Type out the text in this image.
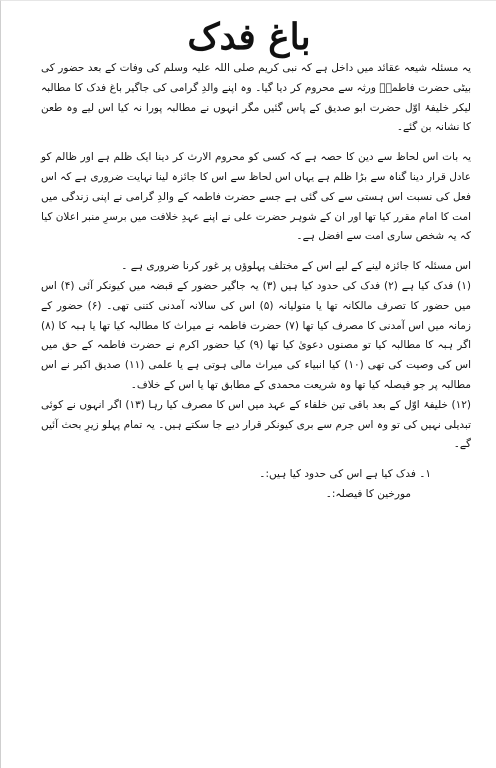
باغ فدک

یہ مسئلہ شیعہ عقائد میں داخل ہے کہ نبی کریم صلی اللہ علیہ وسلم کی وفات کے بعد حضور کی بیٹی حضرت فاطمہؓ ورثہ سے محروم کر دیا گیا۔ وہ اپنے والدِ گرامی کی جاگیر باغ فدک کا مطالبہ لیکر خلیفۂ اوّل حضرت ابو صدیق کے پاس گئیں مگر انہوں نے مطالبہ پورا نہ کیا اس لیے وہ طعن کا نشانہ بن گئے۔

یہ بات اس لحاظ سے دین کا حصہ ہے کہ کسی کو محروم الارث کر دینا ایک ظلم ہے اور ظالم کو عادل قرار دینا گناہ سے بڑا ظلم ہے یہاں اس لحاظ سے اس کا جائزہ لینا نہایت ضروری ہے کہ اس فعل کی نسبت اس ہستی سے کی گئی ہے جسے حضرت فاطمہ کے والدِ گرامی نے اپنی زندگی میں امت کا امام مقرر کیا تھا اور ان کے شوہر حضرت علی نے اپنے عہدِ خلافت میں برسرِ منبر اعلان کیا کہ یہ شخص ساری امت سے افضل ہے۔

اس مسئلہ کا جائزہ لینے کے لیے اس کے مختلف پہلوؤں پر غور کرنا ضروری ہے ۔

(۱) فدک کیا ہے (۲) فدک کی حدود کیا ہیں (۳) یہ جاگیر حضور کے قبضہ میں کیونکر آئی (۴) اس میں حضور کا تصرف مالکانہ تھا یا متولیانہ (۵) اس کی سالانہ آمدنی کتنی تھی۔ (۶) حضور کے زمانہ میں اس آمدنی کا مصرف کیا تھا (۷) حضرت فاطمہ نے میراث کا مطالبہ کیا تھا یا ہبہ کا (۸) اگر ہبہ کا مطالبہ کیا تو مصنوں دعویٰ کیا تھا (۹) کیا حضور اکرم نے حضرت فاطمہ کے حق میں اس کی وصیت کی تھی (۱۰) کیا انبیاء کی میراث مالی ہوتی ہے یا علمی (۱۱) صدیق اکبر نے اس مطالبہ پر جو فیصلہ کیا تھا وہ شریعت محمدی کے مطابق تھا یا اس کے خلاف۔

(۱۲) خلیفۂ اوّل کے بعد باقی تین خلفاء کے عہد میں اس کا مصرف کیا رہا (۱۳) اگر انہوں نے کوئی تبدیلی نہیں کی تو وہ اس جرم سے بری کیونکر قرار دیے جا سکتے ہیں۔ یہ تمام پہلو زیرِ بحث آئیں گے۔

۱۔ فدک کیا ہے اس کی حدود کیا ہیں:۔

مورخین کا فیصلہ:۔
